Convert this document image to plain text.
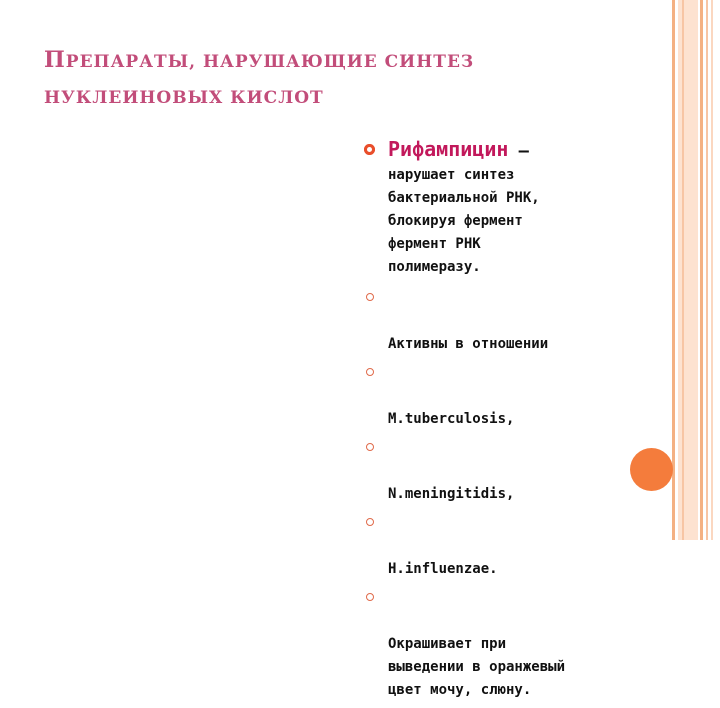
ПРЕПАРАТЫ, НАРУШАЮЩИЕ СИНТЕЗ
НУКЛЕИНОВЫХ КИСЛОТ
Рифампицин –
нарушает синтез
бактериальной РНК,
блокируя фермент
фермент РНК
полимеразу.

Активны в отношении

M.tuberculosis,

N.meningitidis,

H.influenzae.

Окрашивает при
выведении в оранжевый
цвет мочу, слюну.
